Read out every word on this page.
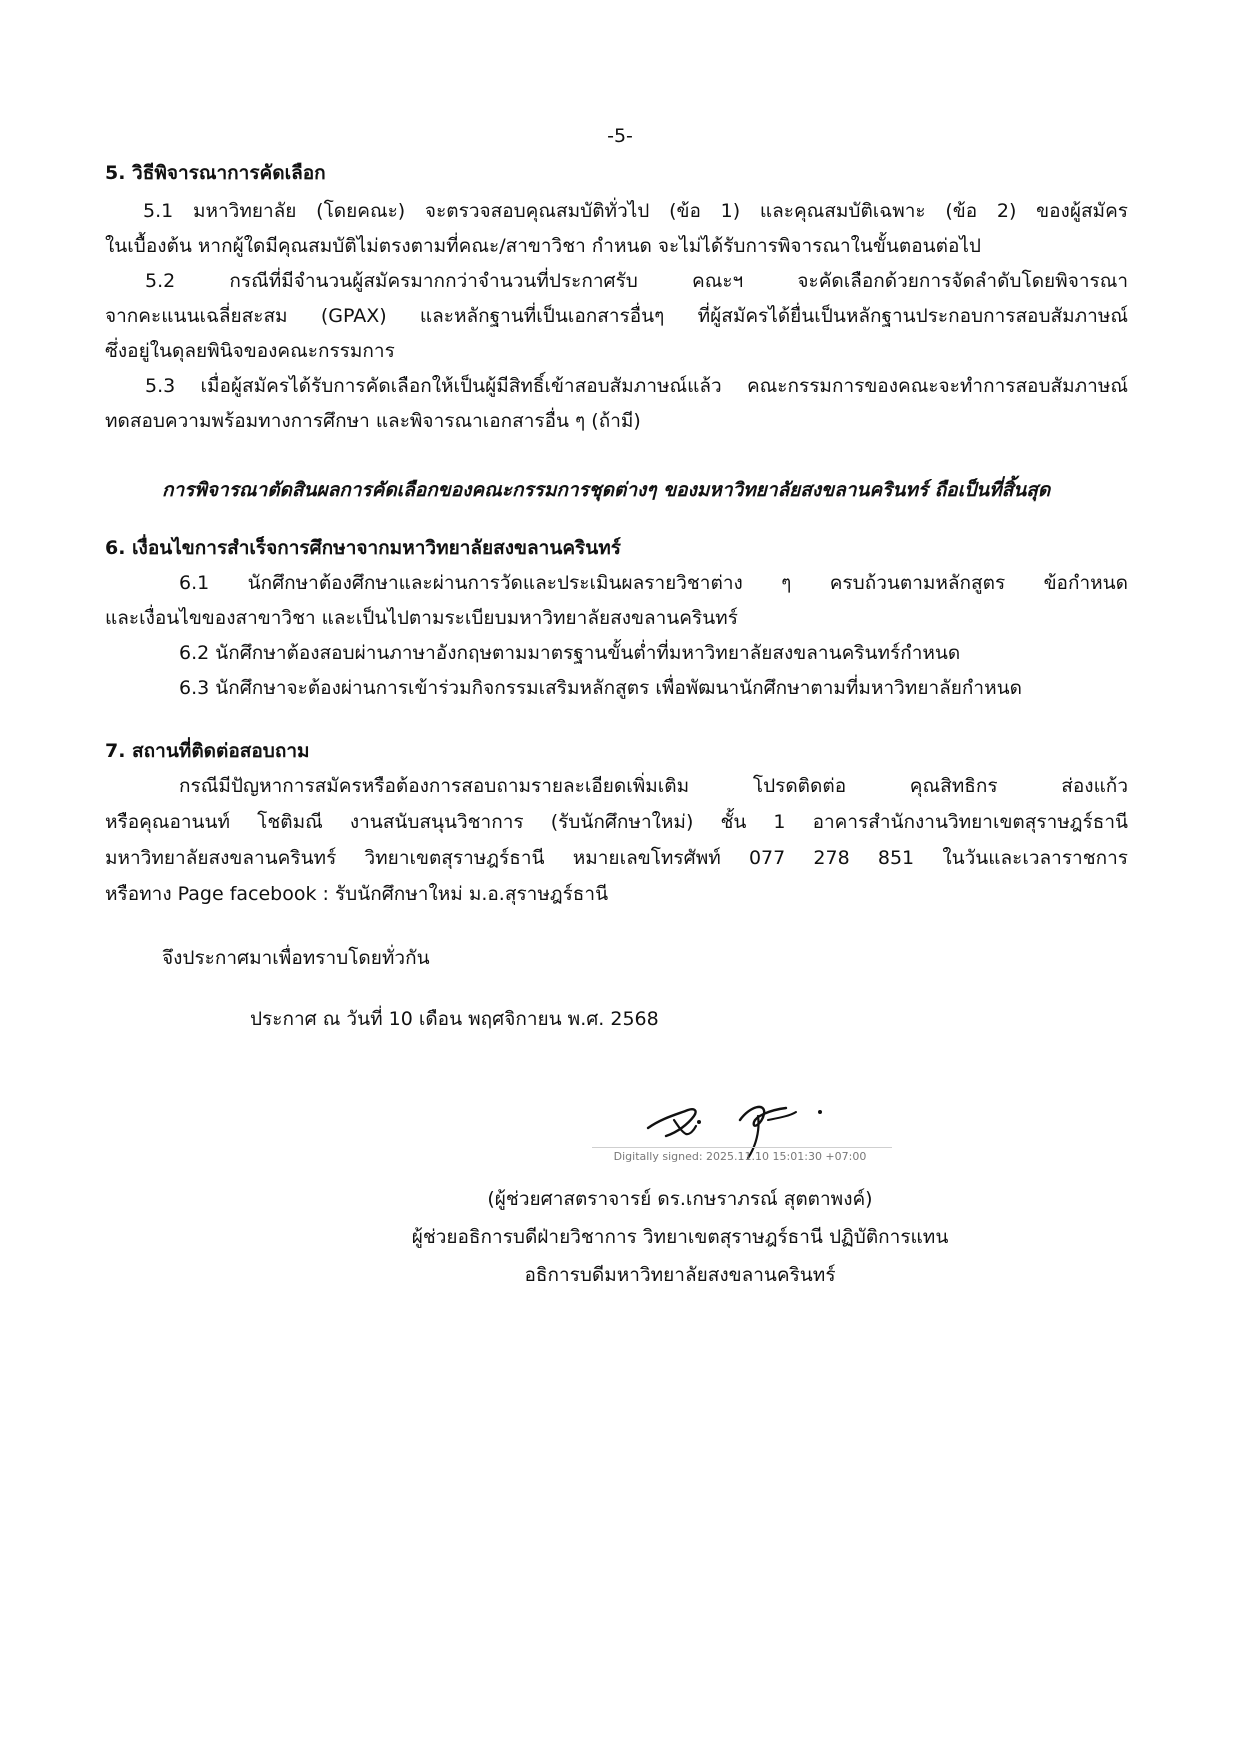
-5-
5. วิธีพิจารณาการคัดเลือก
5.1 มหาวิทยาลัย (โดยคณะ) จะตรวจสอบคุณสมบัติทั่วไป (ข้อ 1) และคุณสมบัติเฉพาะ (ข้อ 2) ของผู้สมัคร
ในเบื้องต้น หากผู้ใดมีคุณสมบัติไม่ตรงตามที่คณะ/สาขาวิชา กำหนด จะไม่ได้รับการพิจารณาในขั้นตอนต่อไป
5.2 กรณีที่มีจำนวนผู้สมัครมากกว่าจำนวนที่ประกาศรับ คณะฯ จะคัดเลือกด้วยการจัดลำดับโดยพิจารณา
จากคะแนนเฉลี่ยสะสม (GPAX) และหลักฐานที่เป็นเอกสารอื่นๆ ที่ผู้สมัครได้ยื่นเป็นหลักฐานประกอบการสอบสัมภาษณ์
ซึ่งอยู่ในดุลยพินิจของคณะกรรมการ
5.3 เมื่อผู้สมัครได้รับการคัดเลือกให้เป็นผู้มีสิทธิ์เข้าสอบสัมภาษณ์แล้ว คณะกรรมการของคณะจะทำการสอบสัมภาษณ์
ทดสอบความพร้อมทางการศึกษา และพิจารณาเอกสารอื่น ๆ (ถ้ามี)
การพิจารณาตัดสินผลการคัดเลือกของคณะกรรมการชุดต่างๆ ของมหาวิทยาลัยสงขลานครินทร์ ถือเป็นที่สิ้นสุด
6. เงื่อนไขการสำเร็จการศึกษาจากมหาวิทยาลัยสงขลานครินทร์
6.1 นักศึกษาต้องศึกษาและผ่านการวัดและประเมินผลรายวิชาต่าง ๆ ครบถ้วนตามหลักสูตร ข้อกำหนด
และเงื่อนไขของสาขาวิชา และเป็นไปตามระเบียบมหาวิทยาลัยสงขลานครินทร์
6.2 นักศึกษาต้องสอบผ่านภาษาอังกฤษตามมาตรฐานขั้นต่ำที่มหาวิทยาลัยสงขลานครินทร์กำหนด
6.3 นักศึกษาจะต้องผ่านการเข้าร่วมกิจกรรมเสริมหลักสูตร เพื่อพัฒนานักศึกษาตามที่มหาวิทยาลัยกำหนด
7. สถานที่ติดต่อสอบถาม
กรณีมีปัญหาการสมัครหรือต้องการสอบถามรายละเอียดเพิ่มเติม โปรดติดต่อ คุณสิทธิกร ส่องแก้ว
หรือคุณอานนท์ โชติมณี งานสนับสนุนวิชาการ (รับนักศึกษาใหม่) ชั้น 1 อาคารสำนักงานวิทยาเขตสุราษฎร์ธานี
มหาวิทยาลัยสงขลานครินทร์ วิทยาเขตสุราษฎร์ธานี หมายเลขโทรศัพท์ 077 278 851 ในวันและเวลาราชการ
หรือทาง Page facebook : รับนักศึกษาใหม่ ม.อ.สุราษฎร์ธานี
จึงประกาศมาเพื่อทราบโดยทั่วกัน
ประกาศ ณ วันที่ 10 เดือน พฤศจิกายน พ.ศ. 2568
Digitally signed: 2025.11.10 15:01:30 +07:00
(ผู้ช่วยศาสตราจารย์ ดร.เกษราภรณ์ สุตตาพงค์)
ผู้ช่วยอธิการบดีฝ่ายวิชาการ วิทยาเขตสุราษฎร์ธานี ปฏิบัติการแทน
อธิการบดีมหาวิทยาลัยสงขลานครินทร์
